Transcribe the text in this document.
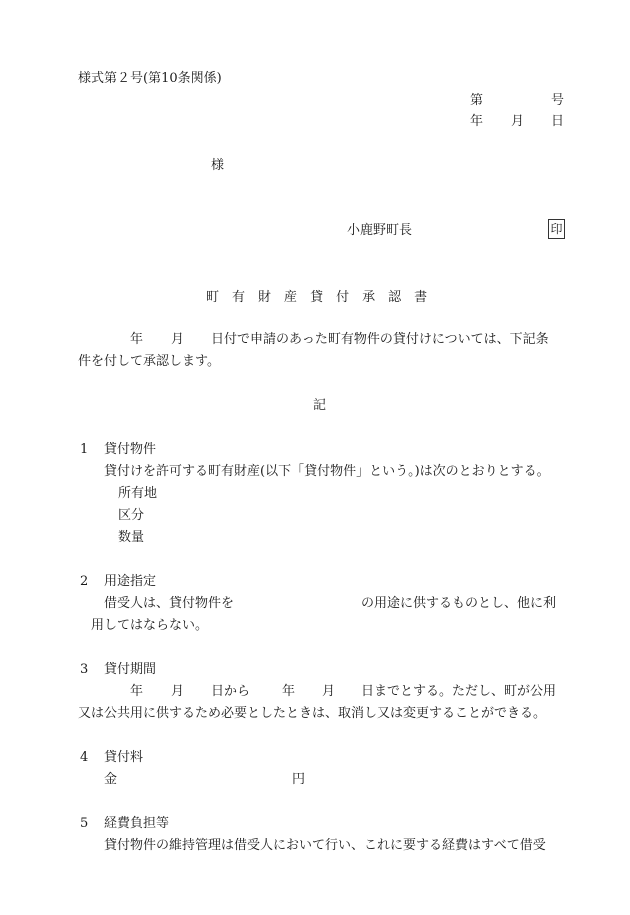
様式第２号(第10条関係)
第	号
年 月 日
様
小鹿野町長	印
町 有 財 産 貸 付 承 認 書
年 月 日付で申請のあった町有物件の貸付けについては、下記条
件を付して承認します。
記
1 貸付物件
貸付けを許可する町有財産(以下「貸付物件」という。)は次のとおりとする。
所有地
区分
数量
2 用途指定
借受人は、貸付物件を	の用途に供するものとし、他に利
用してはならない。
3 貸付期間
年 月 日から 年 月 日までとする。ただし、町が公用
又は公共用に供するため必要としたときは、取消し又は変更することができる。
4 貸付料
金	円
5 経費負担等
貸付物件の維持管理は借受人において行い、これに要する経費はすべて借受
